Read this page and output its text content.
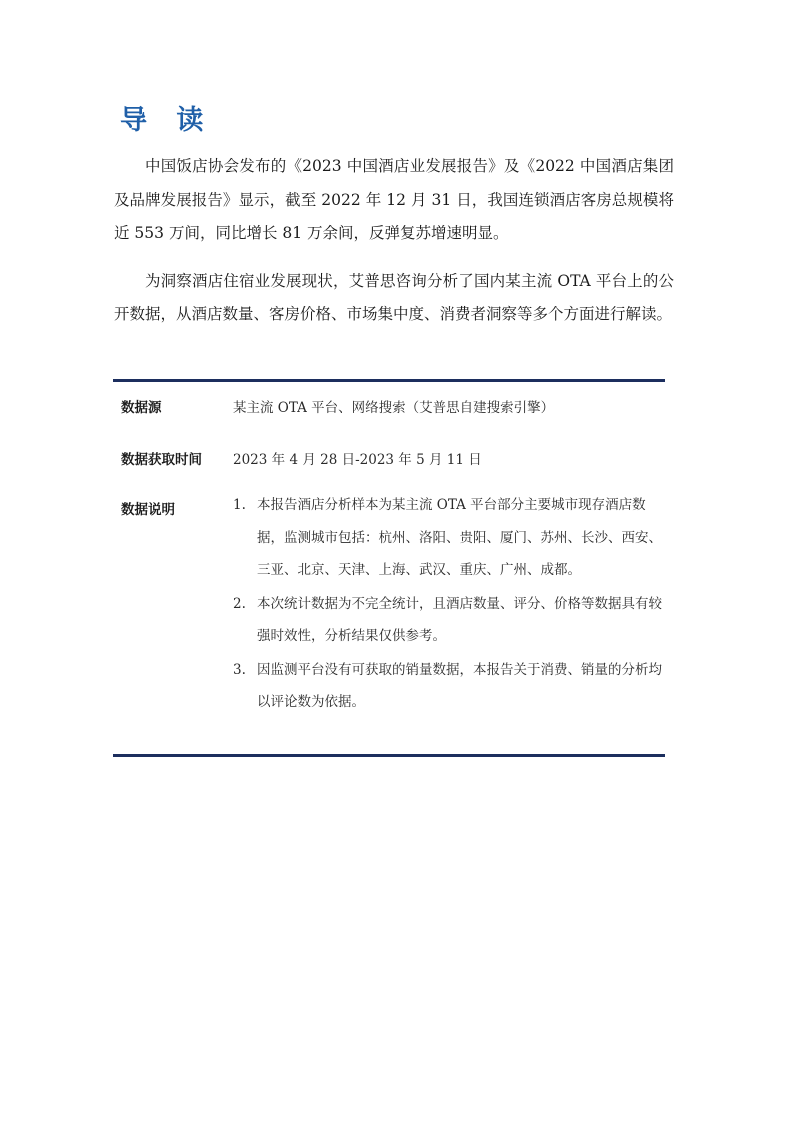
导 读

中国饭店协会发布的《2023 中国酒店业发展报告》及《2022 中国酒店集团及品牌发展报告》显示，截至 2022 年 12 月 31 日，我国连锁酒店客房总规模将近 553 万间，同比增长 81 万余间，反弹复苏增速明显。

为洞察酒店住宿业发展现状，艾普思咨询分析了国内某主流 OTA 平台上的公开数据，从酒店数量、客房价格、市场集中度、消费者洞察等多个方面进行解读。

数据源	某主流 OTA 平台、网络搜索（艾普思自建搜索引擎）
数据获取时间 2023 年 4 月 28 日-2023 年 5 月 11 日
数据说明	1. 本报告酒店分析样本为某主流 OTA 平台部分主要城市现存酒店数据，监测城市包括：杭州、洛阳、贵阳、厦门、苏州、长沙、西安、三亚、北京、天津、上海、武汉、重庆、广州、成都。
2. 本次统计数据为不完全统计，且酒店数量、评分、价格等数据具有较强时效性，分析结果仅供参考。
3. 因监测平台没有可获取的销量数据，本报告关于消费、销量的分析均以评论数为依据。
